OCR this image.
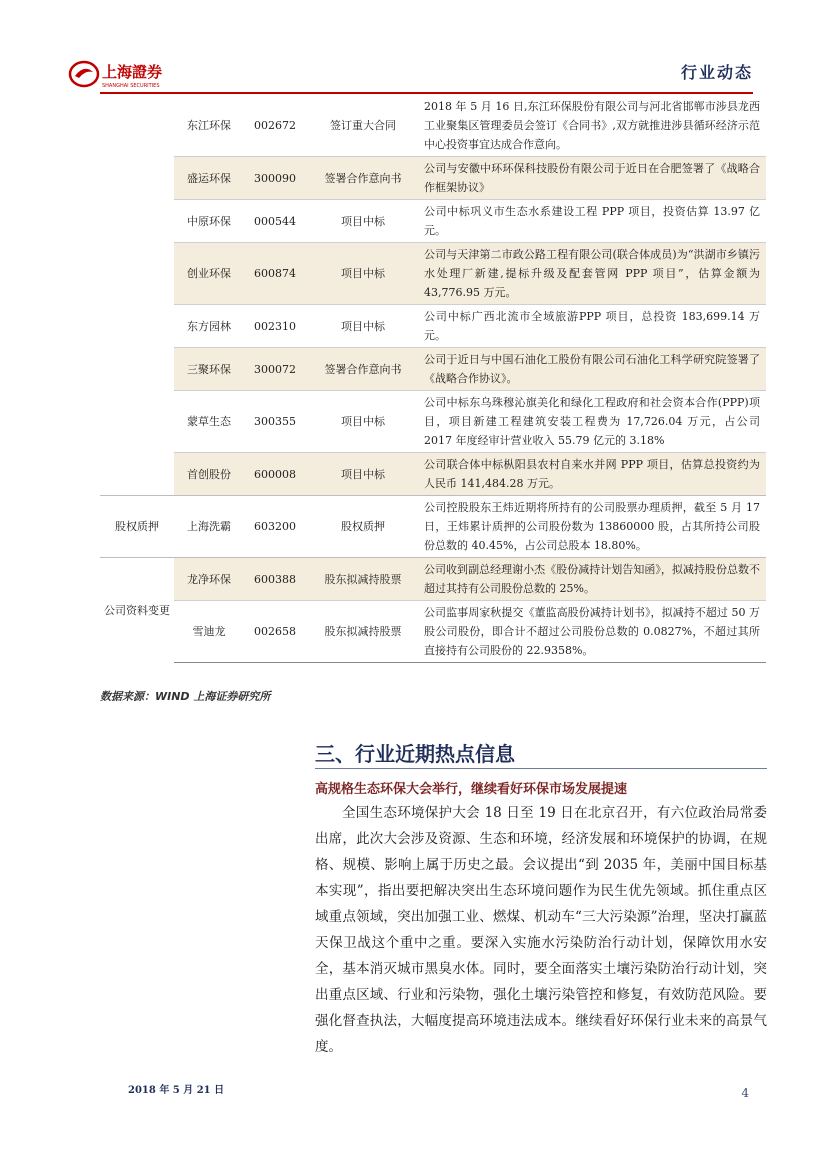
上海證券
SHANGHAI SECURITIES
行业动态
	东江环保	002672	签订重大合同	2018 年 5 月 16 日,东江环保股份有限公司与河北省邯郸市涉县龙西工业聚集区管理委员会签订《合同书》,双方就推进涉县循环经济示范中心投资事宜达成合作意向。
	盛运环保	300090	签署合作意向书	公司与安徽中环环保科技股份有限公司于近日在合肥签署了《战略合作框架协议》
	中原环保	000544	项目中标	公司中标巩义市生态水系建设工程 PPP 项目，投资估算 13.97 亿元。
	创业环保	600874	项目中标	公司与天津第二市政公路工程有限公司(联合体成员)为“洪湖市乡镇污水处理厂新建,提标升级及配套管网 PPP 项目”，估算金额为 43,776.95 万元。
	东方园林	002310	项目中标	公司中标广西北流市全域旅游PPP 项目，总投资 183,699.14 万元。
	三聚环保	300072	签署合作意向书	公司于近日与中国石油化工股份有限公司石油化工科学研究院签署了《战略合作协议》。
	蒙草生态	300355	项目中标	公司中标东乌珠穆沁旗美化和绿化工程政府和社会资本合作(PPP)项目，项目新建工程建筑安装工程费为 17,726.04 万元，占公司 2017 年度经审计营业收入 55.79 亿元的 3.18%
	首创股份	600008	项目中标	公司联合体中标枞阳县农村自来水并网 PPP 项目，估算总投资约为人民币 141,484.28 万元。
股权质押	上海洗霸	603200	股权质押	公司控股股东王炜近期将所持有的公司股票办理质押，截至 5 月 17 日，王炜累计质押的公司股份数为 13860000 股，占其所持公司股份总数的 40.45%，占公司总股本 18.80%。
公司资料变更	龙净环保	600388	股东拟减持股票	公司收到副总经理谢小杰《股份减持计划告知函》，拟减持股份总数不超过其持有公司股份总数的 25%。
	雪迪龙	002658	股东拟减持股票	公司监事周家秋提交《董监高股份减持计划书》，拟减持不超过 50 万股公司股份，即合计不超过公司股份总数的 0.0827%，不超过其所直接持有公司股份的 22.9358%。
数据来源：WIND 上海证券研究所
三、行业近期热点信息
高规格生态环保大会举行，继续看好环保市场发展提速
全国生态环境保护大会 18 日至 19 日在北京召开，有六位政治局常委出席，此次大会涉及资源、生态和环境，经济发展和环境保护的协调，在规格、规模、影响上属于历史之最。会议提出“到 2035 年，美丽中国目标基本实现”，指出要把解决突出生态环境问题作为民生优先领域。抓住重点区域重点领域，突出加强工业、燃煤、机动车“三大污染源”治理，坚决打赢蓝天保卫战这个重中之重。要深入实施水污染防治行动计划，保障饮用水安全，基本消灭城市黑臭水体。同时，要全面落实土壤污染防治行动计划，突出重点区域、行业和污染物，强化土壤污染管控和修复，有效防范风险。要强化督查执法，大幅度提高环境违法成本。继续看好环保行业未来的高景气度。
2018 年 5 月 21 日	4
